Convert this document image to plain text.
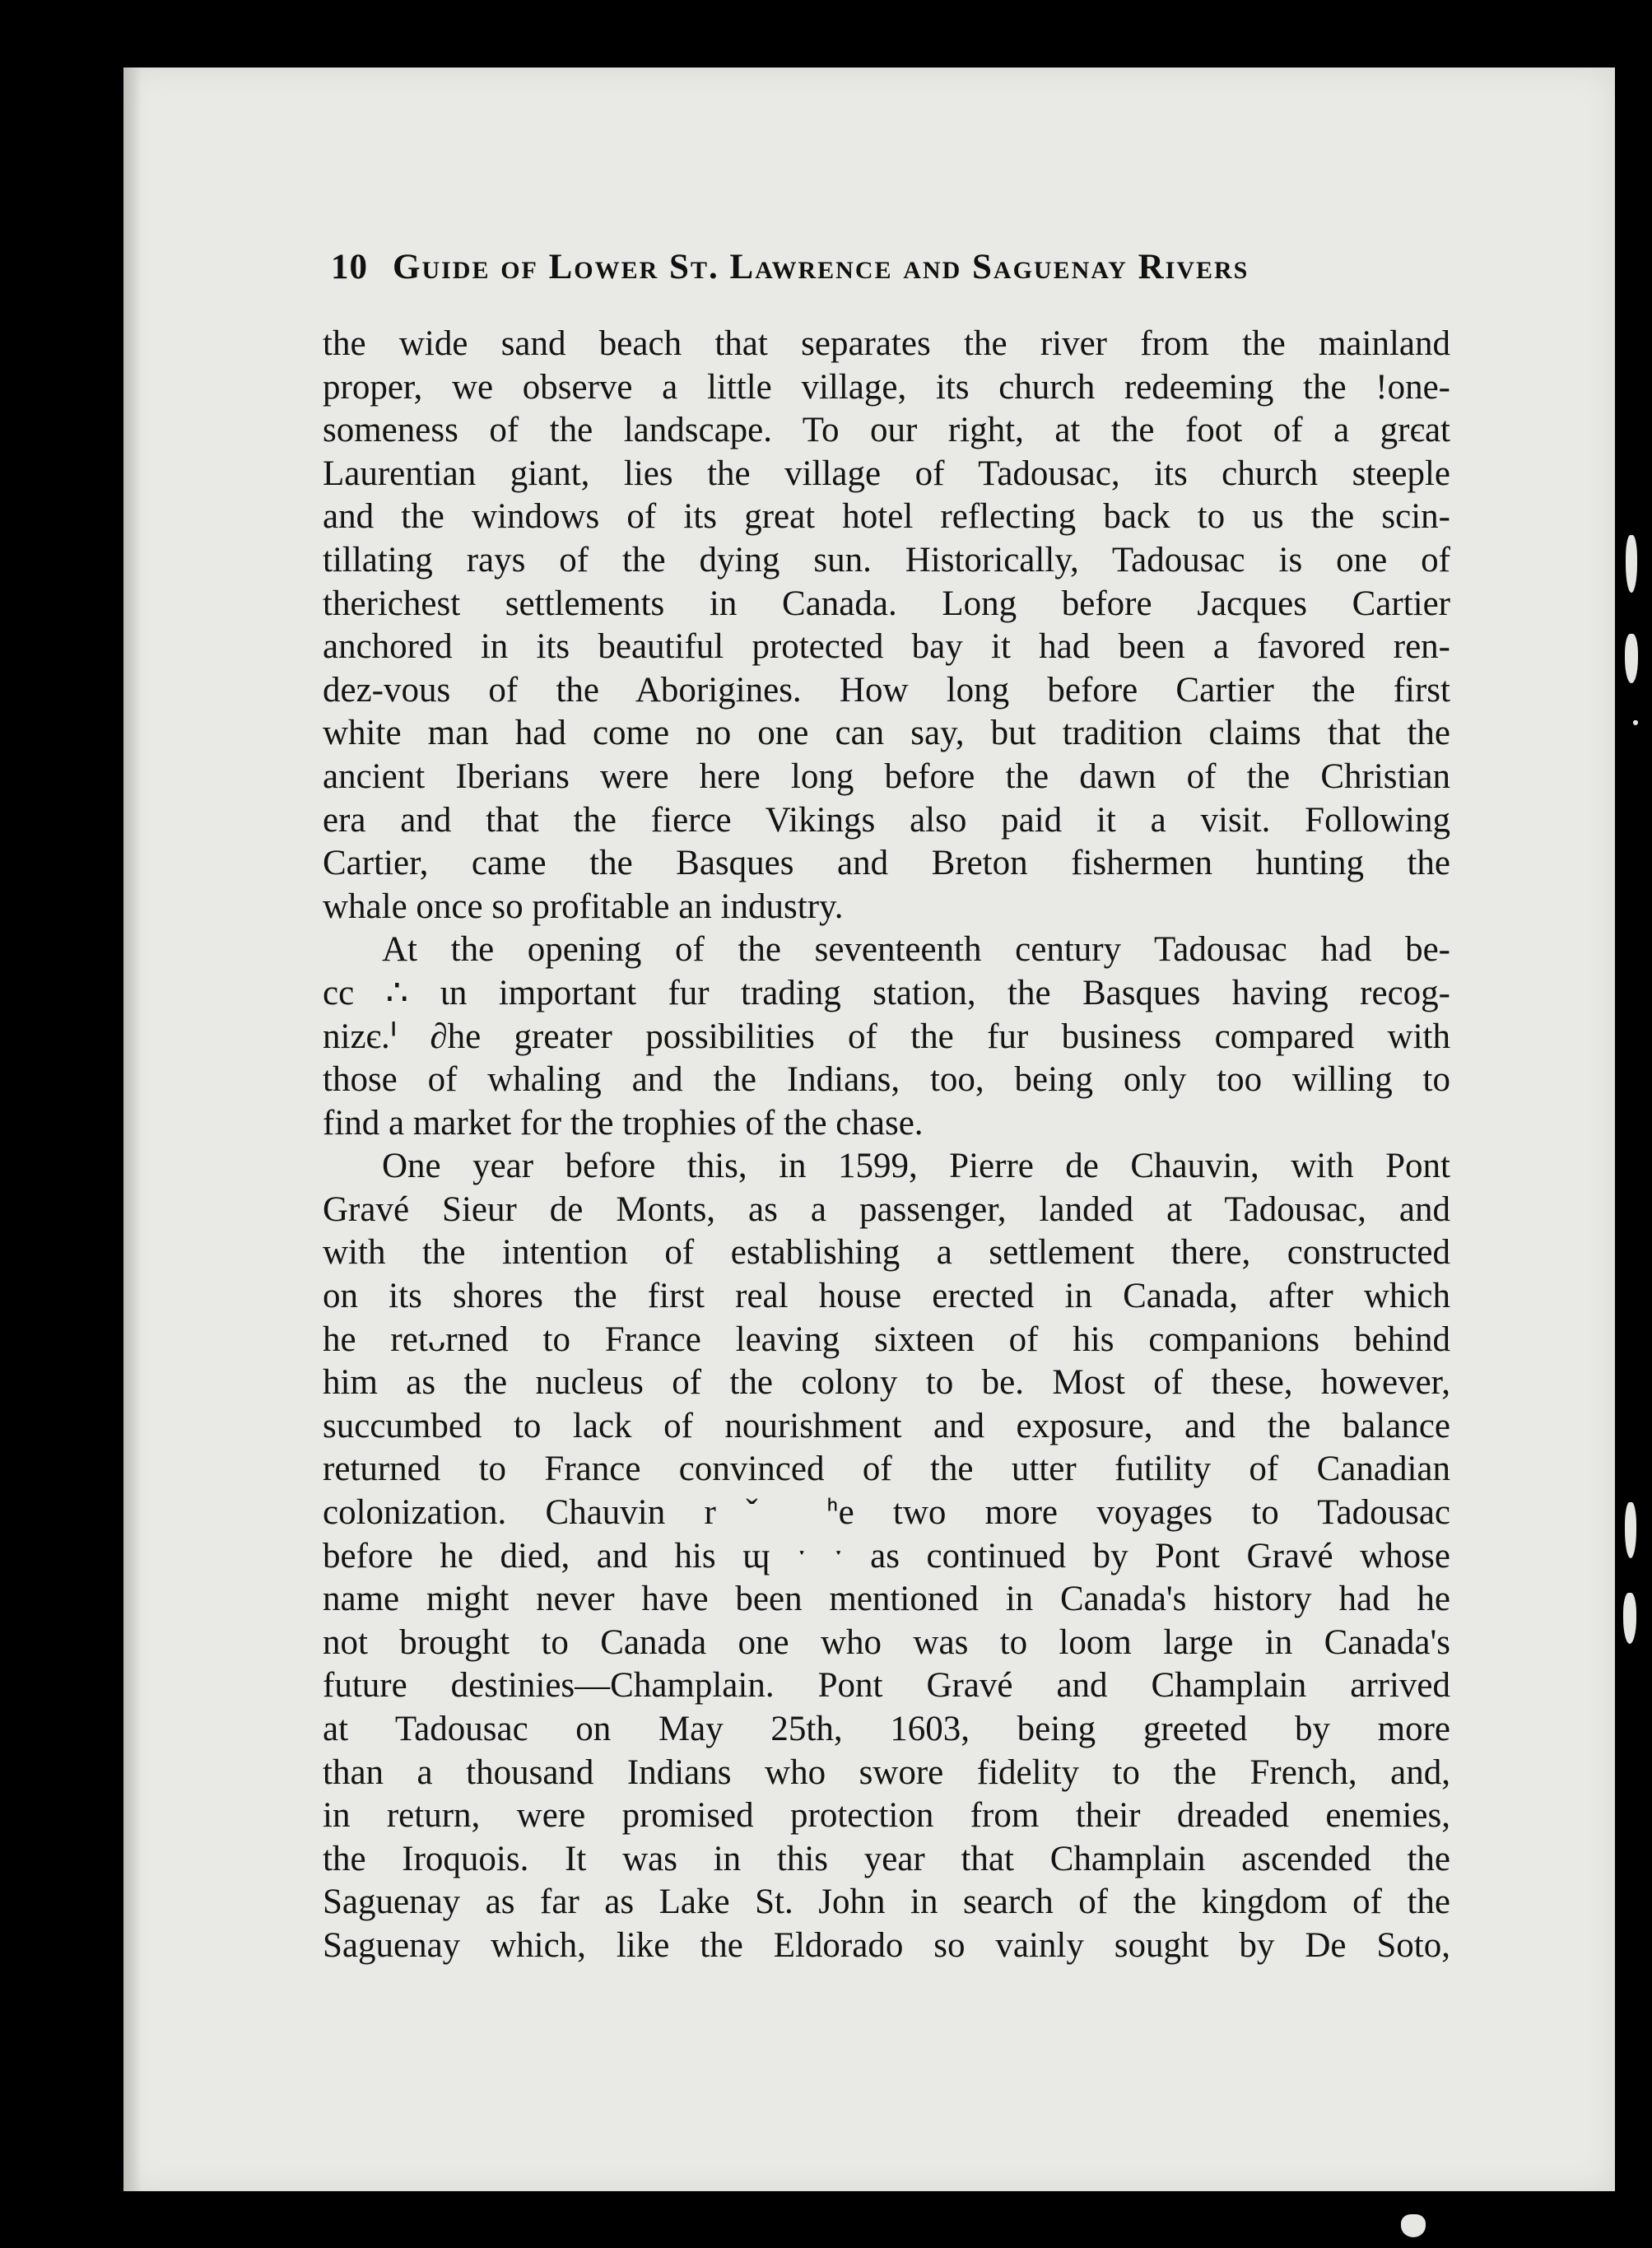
10 Guide of Lower St. Lawrence and Saguenay Rivers
the wide sand beach that separates the river from the mainland
proper, we observe a little village, its church redeeming the !one-
someness of the landscape. To our right, at the foot of a grєat
Laurentian giant, lies the village of Tadousac, its church steeple
and the windows of its great hotel reflecting back to us the scin-
tillating rays of the dying sun. Historically, Tadousac is one of
therichest settlements in Canada. Long before Jacques Cartier
anchored in its beautiful protected bay it had been a favored ren-
dez-vous of the Aborigines. How long before Cartier the first
white man had come no one can say, but tradition claims that the
ancient Iberians were here long before the dawn of the Christian
era and that the fierce Vikings also paid it a visit. Following
Cartier, came the Basques and Breton fishermen hunting the
whale once so profitable an industry.
At the opening of the seventeenth century Tadousac had be-
cc ∴ ɩn important fur trading station, the Basques having recog-
nizє.ᑊ ∂he greater possibilities of the fur business compared with
those of whaling and the Indians, too, being only too willing to
find a market for the trophies of the chase.
One year before this, in 1599, Pierre de Chauvin, with Pont
Gravé Sieur de Monts, as a passenger, landed at Tadousac, and
with the intention of establishing a settlement there, constructed
on its shores the first real house erected in Canada, after which
he retᴗrned to France leaving sixteen of his companions behind
him as the nucleus of the colony to be. Most of these, however,
succumbed to lack of nourishment and exposure, and the balance
returned to France convinced of the utter futility of Canadian
colonization. Chauvin rˇ ᑋe two more voyages to Tadousac
before he died, and his ɰ ˑ ˑ as continued by Pont Gravé whose
name might never have been mentioned in Canada's history had he
not brought to Canada one who was to loom large in Canada's
future destinies—Champlain. Pont Gravé and Champlain arrived
at Tadousac on May 25th, 1603, being greeted by more
than a thousand Indians who swore fidelity to the French, and,
in return, were promised protection from their dreaded enemies,
the Iroquois. It was in this year that Champlain ascended the
Saguenay as far as Lake St. John in search of the kingdom of the
Saguenay which, like the Eldorado so vainly sought by De Soto,
